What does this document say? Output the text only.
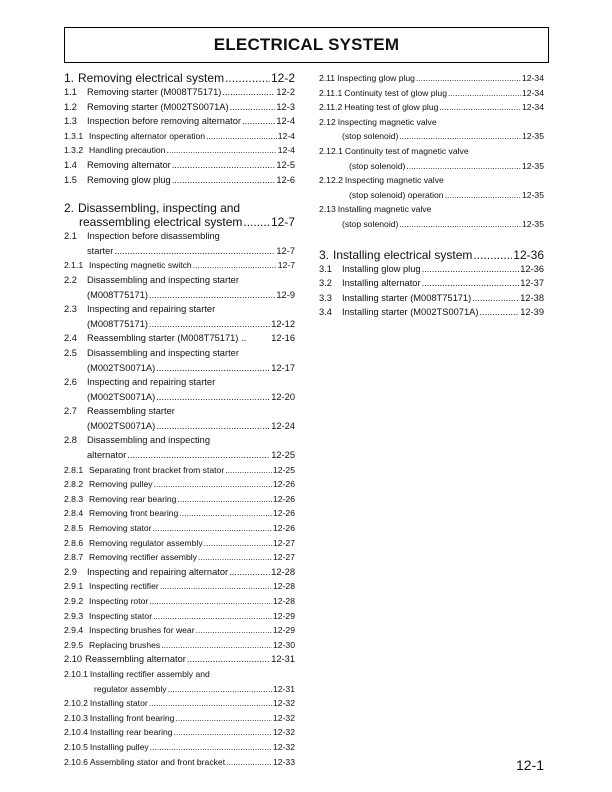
ELECTRICAL SYSTEM
1. Removing electrical system .....	12-2
1.1 Removing starter (M008T75171) .....	12-2
1.2 Removing starter (M002TS0071A) .....	12-3
1.3 Inspection before removing alternator .....	12-4
1.3.1 Inspecting alternator operation .....	12-4
1.3.2 Handling precaution .....	12-4
1.4 Removing alternator .....	12-5
1.5 Removing glow plug .....	12-6
2. Disassembling, inspecting and
reassembling electrical system ..... 12-7
2.1 Inspection before disassembling
starter .....	12-7
2.1.1 Inspecting magnetic switch .....	12-7
2.2 Disassembling and inspecting starter
(M008T75171) .....	12-9
2.3 Inspecting and repairing starter
(M008T75171) .....	12-12
2.4 Reassembling starter (M008T75171) ..	12-16
2.5 Disassembling and inspecting starter
(M002TS0071A) .....	12-17
2.6 Inspecting and repairing starter
(M002TS0071A) .....	12-20
2.7 Reassembling starter
(M002TS0071A) .....	12-24
2.8 Disassembling and inspecting
alternator .....	12-25
2.8.1 Separating front bracket from stator .....	12-25
2.8.2 Removing pulley .....	12-26
2.8.3 Removing rear bearing .....	12-26
2.8.4 Removing front bearing .....	12-26
2.8.5 Removing stator .....	12-26
2.8.6 Removing regulator assembly .....	12-27
2.8.7 Removing rectifier assembly .....	12-27
2.9 Inspecting and repairing alternator .....	12-28
2.9.1 Inspecting rectifier .....	12-28
2.9.2 Inspecting rotor .....	12-28
2.9.3 Inspecting stator .....	12-29
2.9.4 Inspecting brushes for wear .....	12-29
2.9.5 Replacing brushes .....	12-30
2.10 Reassembling alternator .....	12-31
2.10.1 Installing rectifier assembly and
regulator assembly .....	12-31
2.10.2 Installing stator .....	12-32
2.10.3 Installing front bearing .....	12-32
2.10.4 Installing rear bearing .....	12-32
2.10.5 Installing pulley .....	12-32
2.10.6 Assembling stator and front bracket .....	12-33
2.11 Inspecting glow plug .....	12-34
2.11.1 Continuity test of glow plug .....	12-34
2.11.2 Heating test of glow plug .....	12-34
2.12 Inspecting magnetic valve
(stop solenoid) .....	12-35
2.12.1 Continuity test of magnetic valve
(stop solenoid) .....	12-35
2.12.2 Inspecting magnetic valve
(stop solenoid) operation .....	12-35
2.13 Installing magnetic valve
(stop solenoid) .....	12-35
3. Installing electrical system .....	12-36
3.1 Installing glow plug .....	12-36
3.2 Installing alternator .....	12-37
3.3 Installing starter (M008T75171) .....	12-38
3.4 Installing starter (M002TS0071A) .....	12-39
12-1
